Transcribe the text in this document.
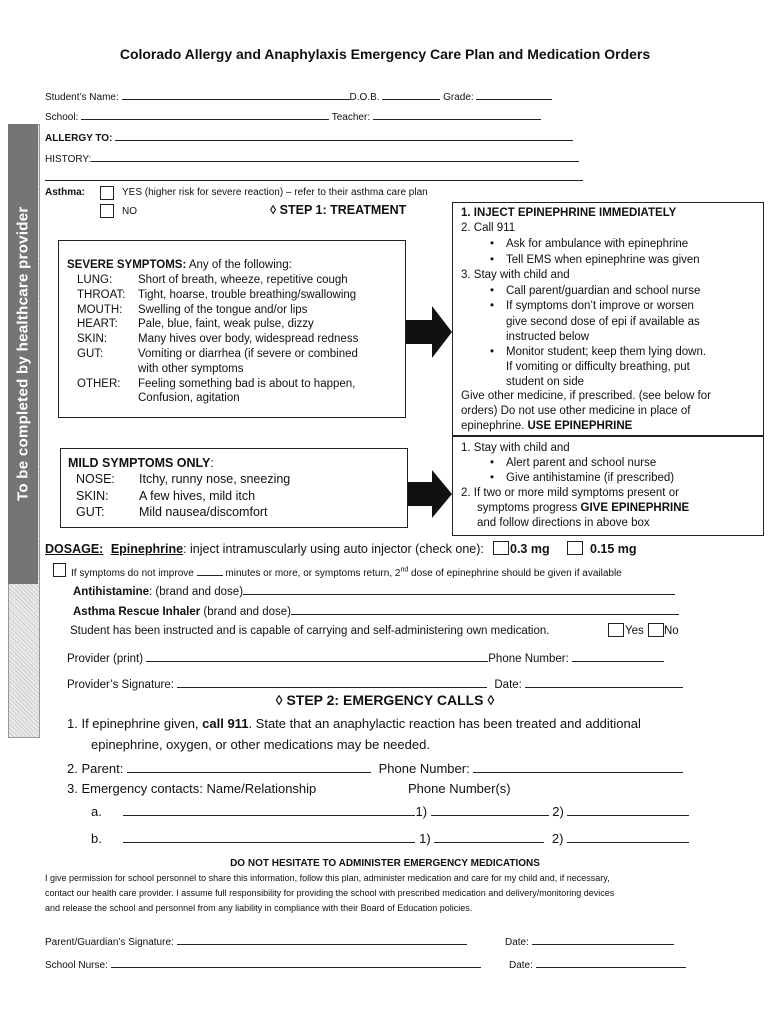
Colorado Allergy and Anaphylaxis Emergency Care Plan and Medication Orders
To be completed by healthcare provider
Student’s Name:	D.O.B.	Grade:
School:	Teacher:
ALLERGY TO:
HISTORY:
Asthma:	YES (higher risk for severe reaction) – refer to their asthma care plan
NO	◊ STEP 1: TREATMENT
SEVERE SYMPTOMS: Any of the following:
LUNG: Short of breath, wheeze, repetitive cough
THROAT: Tight, hoarse, trouble breathing/swallowing
MOUTH: Swelling of the tongue and/or lips
HEART: Pale, blue, faint, weak pulse, dizzy
SKIN:	Many hives over body, widespread redness
GUT:	Vomiting or diarrhea (if severe or combined
with other symptoms
OTHER: Feeling something bad is about to happen,
Confusion, agitation
MILD SYMPTOMS ONLY:
NOSE: Itchy, runny nose, sneezing
SKIN: A few hives, mild itch
GUT:	Mild nausea/discomfort
1. INJECT EPINEPHRINE IMMEDIATELY
2. Call 911
• Ask for ambulance with epinephrine
• Tell EMS when epinephrine was given
3. Stay with child and
• Call parent/guardian and school nurse
• If symptoms don’t improve or worsen
give second dose of epi if available as
instructed below
• Monitor student; keep them lying down.
If vomiting or difficulty breathing, put
student on side
Give other medicine, if prescribed. (see below for
orders) Do not use other medicine in place of
epinephrine. USE EPINEPHRINE
1. Stay with child and
• Alert parent and school nurse
• Give antihistamine (if prescribed)
2. If two or more mild symptoms present or
symptoms progress GIVE EPINEPHRINE
and follow directions in above box
DOSAGE: Epinephrine: inject intramuscularly using auto injector (check one): 0.3 mg	0.15 mg
If symptoms do not improve	minutes or more, or symptoms return, 2nd dose of epinephrine should be given if available
Antihistamine: (brand and dose)
Asthma Rescue Inhaler (brand and dose)
Student has been instructed and is capable of carrying and self-administering own medication.	Yes No
Provider (print)	Phone Number:
Provider’s Signature:	Date:
◊ STEP 2: EMERGENCY CALLS ◊
1. If epinephrine given, call 911. State that an anaphylactic reaction has been treated and additional
epinephrine, oxygen, or other medications may be needed.
2. Parent:	Phone Number:
3. Emergency contacts: Name/Relationship	Phone Number(s)
a.	1)	2)
b.	1)	2)
DO NOT HESITATE TO ADMINISTER EMERGENCY MEDICATIONS
I give permission for school personnel to share this information, follow this plan, administer medication and care for my child and, if necessary,
contact our health care provider. I assume full responsibility for providing the school with prescribed medication and delivery/monitoring devices
and release the school and personnel from any liability in compliance with their Board of Education policies.
Parent/Guardian’s Signature:	Date:
School Nurse:	Date:
